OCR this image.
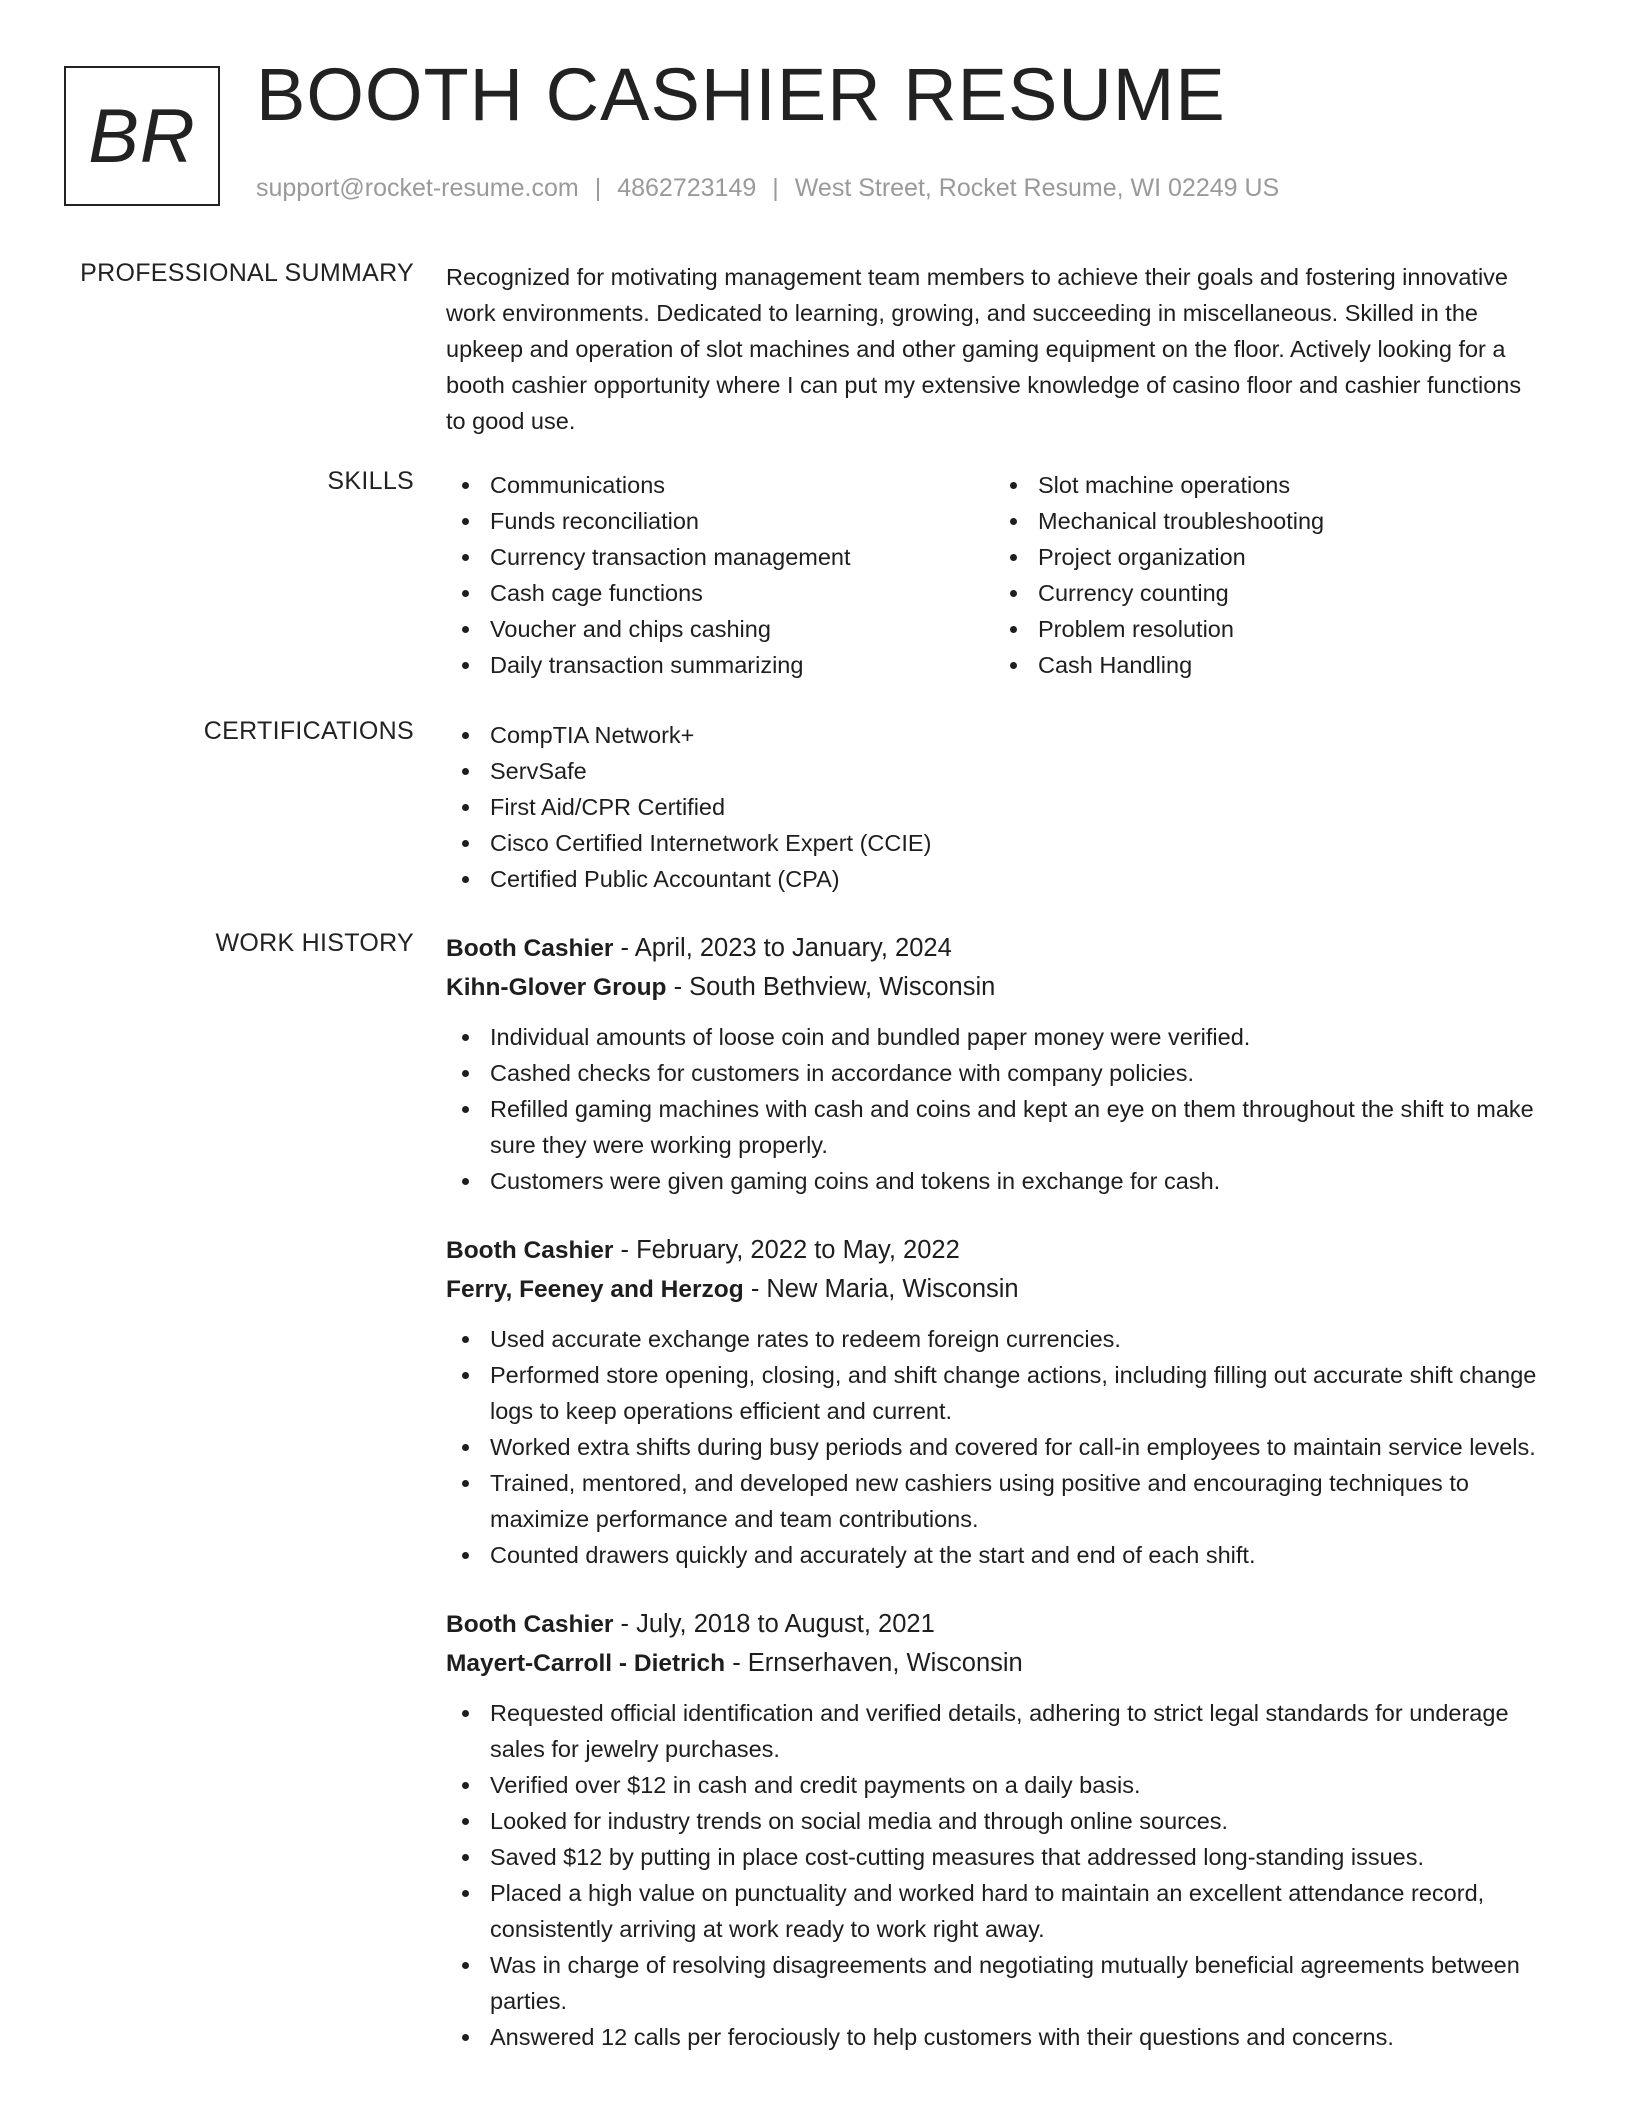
BR BOOTH CASHIER RESUME
support@rocket-resume.com | 4862723149 | West Street, Rocket Resume, WI 02249 US
PROFESSIONAL SUMMARY Recognized for motivating management team members to achieve their goals and fostering innovative work environments. Dedicated to learning, growing, and succeeding in miscellaneous. Skilled in the upkeep and operation of slot machines and other gaming equipment on the floor. Actively looking for a booth cashier opportunity where I can put my extensive knowledge of casino floor and cashier functions to good use.

SKILLS	Communications
Funds reconciliation
Currency transaction management
Cash cage functions
Voucher and chips cashing
Daily transaction summarizing
Slot machine operations
Mechanical troubleshooting
Project organization
Currency counting
Problem resolution
Cash Handling
CERTIFICATIONS	CompTIA Network+
ServSafe
First Aid/CPR Certified
Cisco Certified Internetwork Expert (CCIE)
Certified Public Accountant (CPA)
WORK HISTORY Booth Cashier - April, 2023 to January, 2024
Kihn-Glover Group - South Bethview, Wisconsin
Individual amounts of loose coin and bundled paper money were verified.
Cashed checks for customers in accordance with company policies.
Refilled gaming machines with cash and coins and kept an eye on them throughout the shift to make sure they were working properly.
Customers were given gaming coins and tokens in exchange for cash.
Booth Cashier - February, 2022 to May, 2022
Ferry, Feeney and Herzog - New Maria, Wisconsin
Used accurate exchange rates to redeem foreign currencies.
Performed store opening, closing, and shift change actions, including filling out accurate shift change logs to keep operations efficient and current.
Worked extra shifts during busy periods and covered for call-in employees to maintain service levels.
Trained, mentored, and developed new cashiers using positive and encouraging techniques to maximize performance and team contributions.
Counted drawers quickly and accurately at the start and end of each shift.
Booth Cashier - July, 2018 to August, 2021
Mayert-Carroll - Dietrich - Ernserhaven, Wisconsin
Requested official identification and verified details, adhering to strict legal standards for underage sales for jewelry purchases.
Verified over $12 in cash and credit payments on a daily basis.
Looked for industry trends on social media and through online sources.
Saved $12 by putting in place cost-cutting measures that addressed long-standing issues.
Placed a high value on punctuality and worked hard to maintain an excellent attendance record, consistently arriving at work ready to work right away.
Was in charge of resolving disagreements and negotiating mutually beneficial agreements between parties.
Answered 12 calls per ferociously to help customers with their questions and concerns.
